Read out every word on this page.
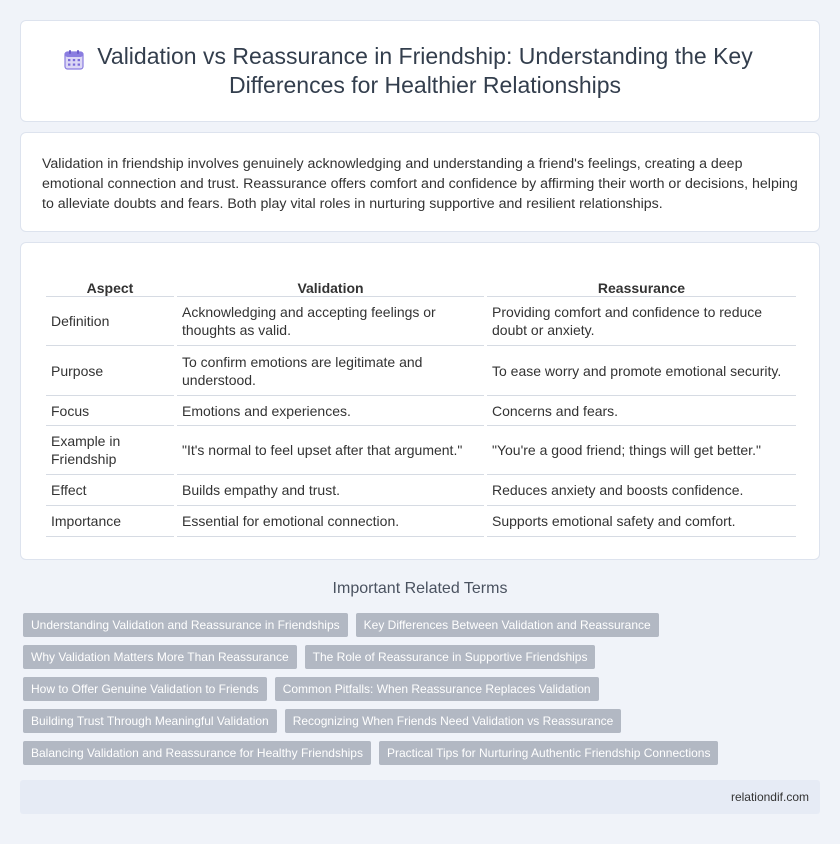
Validation vs Reassurance in Friendship: Understanding the Key Differences for Healthier Relationships

Validation in friendship involves genuinely acknowledging and understanding a friend's feelings, creating a deep emotional connection and trust. Reassurance offers comfort and confidence by affirming their worth or decisions, helping to alleviate doubts and fears. Both play vital roles in nurturing supportive and resilient relationships.

Aspect	Validation	Reassurance
Definition	Acknowledging and accepting feelings or thoughts as valid.	Providing comfort and confidence to reduce doubt or anxiety.
Purpose	To confirm emotions are legitimate and understood.	To ease worry and promote emotional security.
Focus	Emotions and experiences.	Concerns and fears.
Example in Friendship	"It's normal to feel upset after that argument."	"You're a good friend; things will get better."
Effect	Builds empathy and trust.	Reduces anxiety and boosts confidence.
Importance	Essential for emotional connection.	Supports emotional safety and comfort.
Important Related Terms
Understanding Validation and Reassurance in Friendships	Key Differences Between Validation and Reassurance
Why Validation Matters More Than Reassurance	The Role of Reassurance in Supportive Friendships
How to Offer Genuine Validation to Friends	Common Pitfalls: When Reassurance Replaces Validation
Building Trust Through Meaningful Validation	Recognizing When Friends Need Validation vs Reassurance
Balancing Validation and Reassurance for Healthy Friendships	Practical Tips for Nurturing Authentic Friendship Connections
relationdif.com
